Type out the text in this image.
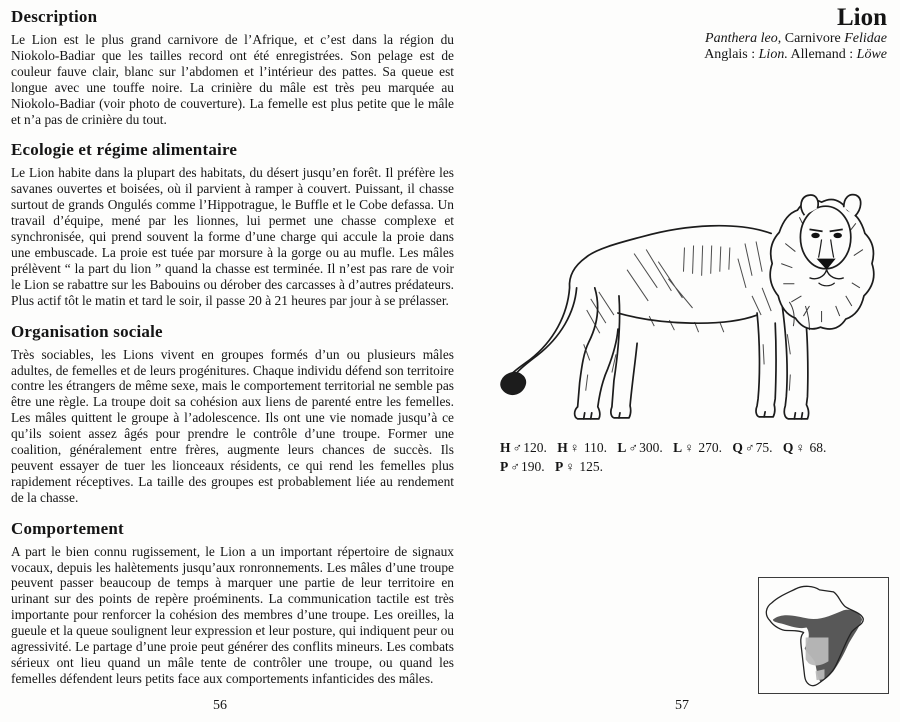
Description

Le Lion est le plus grand carnivore de l’Afrique, et c’est dans la région du Niokolo-Badiar que les tailles record ont été enregistrées. Son pelage est de couleur fauve clair, blanc sur l’abdomen et l’intérieur des pattes. Sa queue est longue avec une touffe noire. La crinière du mâle est très peu marquée au Niokolo-Badiar (voir photo de couverture). La femelle est plus petite que le mâle et n’a pas de crinière du tout.

Ecologie et régime alimentaire

Le Lion habite dans la plupart des habitats, du désert jusqu’en forêt. Il préfère les savanes ouvertes et boisées, où il parvient à ramper à couvert. Puissant, il chasse surtout de grands Ongulés comme l’Hippotrague, le Buffle et le Cobe defassa. Un travail d’équipe, mené par les lionnes, lui permet une chasse complexe et synchronisée, qui prend souvent la forme d’une charge qui accule la proie dans une embuscade. La proie est tuée par morsure à la gorge ou au mufle. Les mâles prélèvent “ la part du lion ” quand la chasse est terminée. Il n’est pas rare de voir le Lion se rabattre sur les Babouins ou dérober des carcasses à d’autres prédateurs. Plus actif tôt le matin et tard le soir, il passe 20 à 21 heures par jour à se prélasser.

Organisation sociale

Très sociables, les Lions vivent en groupes formés d’un ou plusieurs mâles adultes, de femelles et de leurs progénitures. Chaque individu défend son territoire contre les étrangers de même sexe, mais le comportement territorial ne semble pas être une règle. La troupe doit sa cohésion aux liens de parenté entre les femelles. Les mâles quittent le groupe à l’adolescence. Ils ont une vie nomade jusqu’à ce qu’ils soient assez âgés pour prendre le contrôle d’une troupe. Former une coalition, généralement entre frères, augmente leurs chances de succès. Ils peuvent essayer de tuer les lionceaux résidents, ce qui rend les femelles plus rapidement réceptives. La taille des groupes est probablement liée au rendement de la chasse.

Comportement

A part le bien connu rugissement, le Lion a un important répertoire de signaux vocaux, depuis les halètements jusqu’aux ronronnements. Les mâles d’une troupe peuvent passer beaucoup de temps à marquer une partie de leur territoire en urinant sur des points de repère proéminents. La communication tactile est très importante pour renforcer la cohésion des membres d’une troupe. Les oreilles, la gueule et la queue soulignent leur expression et leur posture, qui indiquent peur ou agressivité. Le partage d’une proie peut générer des conflits mineurs. Les combats sérieux ont lieu quand un mâle tente de contrôler une troupe, ou quand les femelles défendent leurs petits face aux comportements infanticides des mâles.

56	57
Lion
Panthera leo, Carnivore Felidae
Anglais : Lion. Allemand : Löwe
H ♂120. H ♀ 110. L ♂300. L ♀ 270. Q ♂75. Q ♀ 68.
P ♂190. P ♀ 125.
